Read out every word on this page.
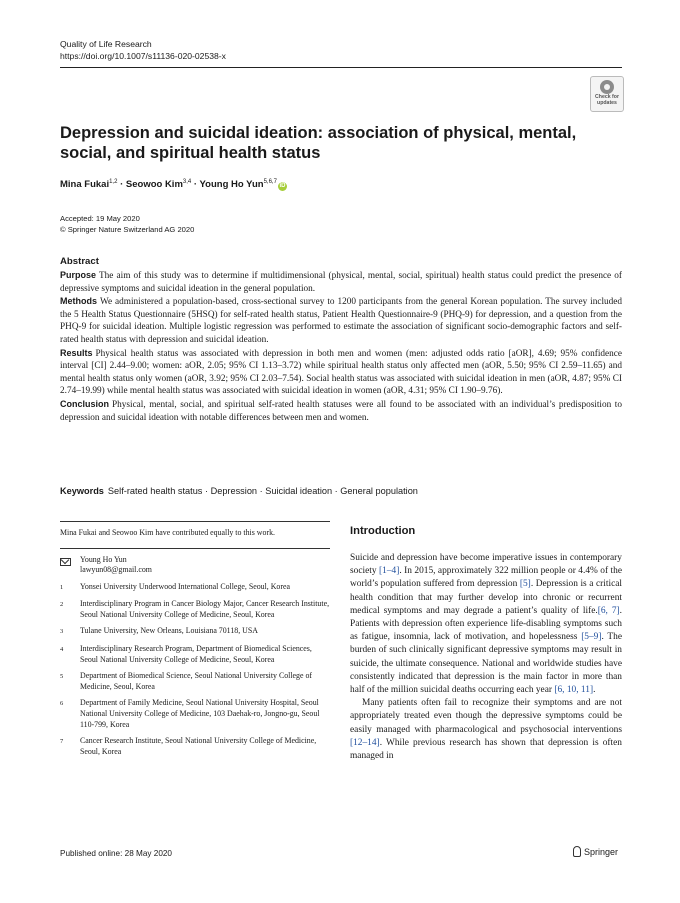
Quality of Life Research
https://doi.org/10.1007/s11136-020-02538-x
Check for
updates
Depression and suicidal ideation: association of physical, mental, social, and spiritual health status
Mina Fukai$^{1,2}$ · Seowoo Kim$^{3,4}$ · Young Ho Yun$^{5,6,7}$iD
Accepted: 19 May 2020
© Springer Nature Switzerland AG 2020
Abstract

Purpose The aim of this study was to determine if multidimensional (physical, mental, social, spiritual) health status could predict the presence of depressive symptoms and suicidal ideation in the general population.

Methods We administered a population-based, cross-sectional survey to 1200 participants from the general Korean population. The survey included the 5 Health Status Questionnaire (5HSQ) for self-rated health status, Patient Health Questionnaire-9 (PHQ-9) for depression, and a question from the PHQ-9 for suicidal ideation. Multiple logistic regression was performed to estimate the association of significant socio-demographic factors and self-rated health status with depression and suicidal ideation.

Results Physical health status was associated with depression in both men and women (men: adjusted odds ratio [aOR], 4.69; 95% confidence interval [CI] 2.44–9.00; women: aOR, 2.05; 95% CI 1.13–3.72) while spiritual health status only affected men (aOR, 5.50; 95% CI 2.59–11.65) and mental health status only women (aOR, 3.92; 95% CI 2.03–7.54). Social health status was associated with suicidal ideation in men (aOR, 4.87; 95% CI 2.74–19.99) while mental health status was associated with suicidal ideation in women (aOR, 4.31; 95% CI 1.90–9.76).

Conclusion Physical, mental, social, and spiritual self-rated health statuses were all found to be associated with an individual’s predisposition to depression and suicidal ideation with notable differences between men and women.

Keywords Self-rated health status · Depression · Suicidal ideation · General population
Mina Fukai and Seowoo Kim have contributed equally to this work.
Young Ho Yun
lawyun08@gmail.com
1	Yonsei University Underwood International College, Seoul, Korea
2	Interdisciplinary Program in Cancer Biology Major, Cancer Research Institute, Seoul National University College of Medicine, Seoul, Korea
3	Tulane University, New Orleans, Louisiana 70118, USA
4	Interdisciplinary Research Program, Department of Biomedical Sciences, Seoul National University College of Medicine, Seoul, Korea
5	Department of Biomedical Science, Seoul National University College of Medicine, Seoul, Korea
6	Department of Family Medicine, Seoul National University Hospital, Seoul National University College of Medicine, 103 Daehak-ro, Jongno-gu, Seoul 110-799, Korea
7	Cancer Research Institute, Seoul National University College of Medicine, Seoul, Korea
Introduction

Suicide and depression have become imperative issues in contemporary society [1–4]. In 2015, approximately 322 million people or 4.4% of the world’s population suffered from depression [5]. Depression is a critical health condition that may further develop into chronic or recurrent medical symptoms and may degrade a patient’s quality of life.[6, 7]. Patients with depression often experience life-disabling symptoms such as fatigue, insomnia, lack of motivation, and hopelessness [5–9]. The burden of such clinically significant depressive symptoms may result in suicide, the ultimate consequence. National and worldwide studies have consistently indicated that depression is the main factor in more than half of the million suicidal deaths occurring each year [6, 10, 11].

Many patients often fail to recognize their symptoms and are not appropriately treated even though the depressive symptoms could be easily managed with pharmacological and psychosocial interventions [12–14]. While previous research has shown that depression is often managed in

Published online: 28 May 2020	Springer
